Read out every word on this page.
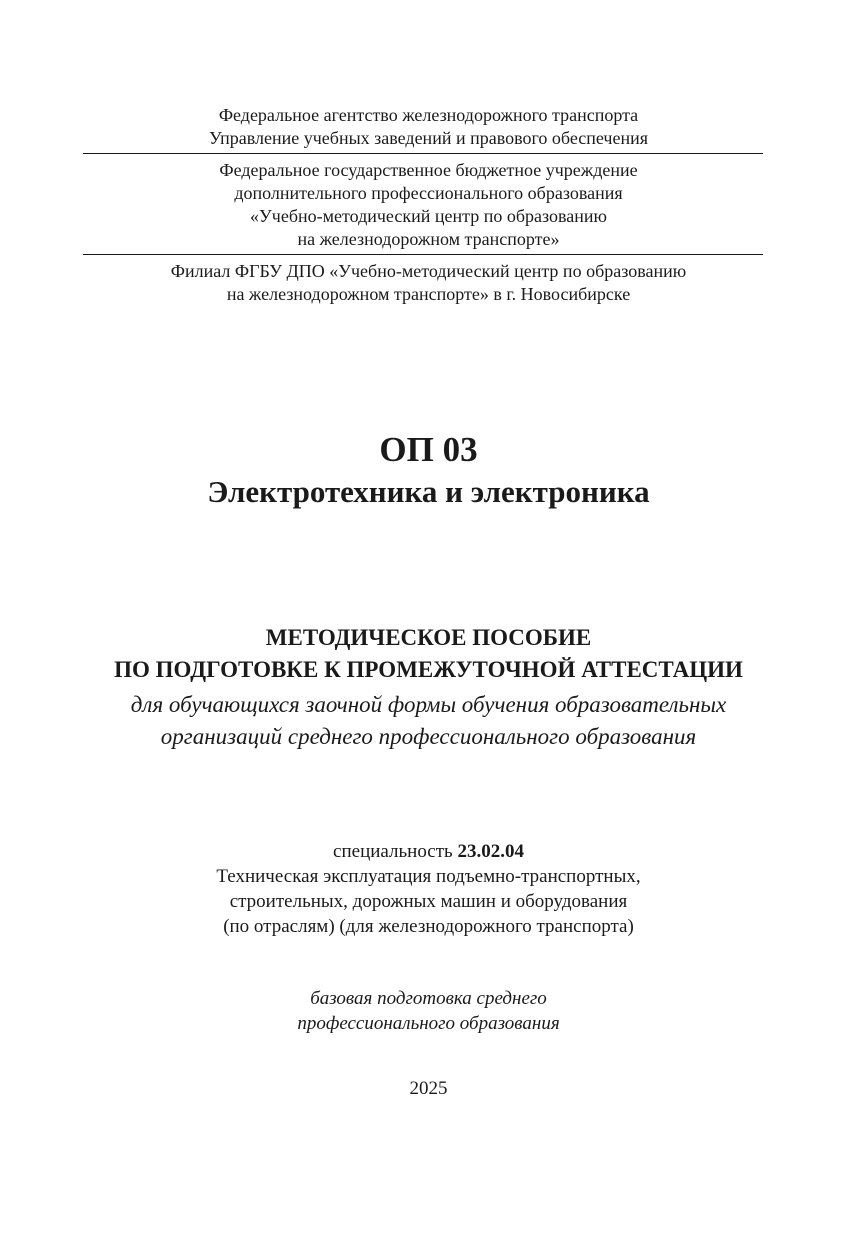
Федеральное агентство железнодорожного транспорта
Управление учебных заведений и правового обеспечения
Федеральное государственное бюджетное учреждение
дополнительного профессионального образования
«Учебно-методический центр по образованию
на железнодорожном транспорте»
Филиал ФГБУ ДПО «Учебно-методический центр по образованию
на железнодорожном транспорте» в г. Новосибирске
ОП 03
Электротехника и электроника
МЕТОДИЧЕСКОЕ ПОСОБИЕ
ПО ПОДГОТОВКЕ К ПРОМЕЖУТОЧНОЙ АТТЕСТАЦИИ
для обучающихся заочной формы обучения образовательных
организаций среднего профессионального образования
специальность 23.02.04
Техническая эксплуатация подъемно-транспортных,
строительных, дорожных машин и оборудования
(по отраслям) (для железнодорожного транспорта)
базовая подготовка среднего
профессионального образования
2025
